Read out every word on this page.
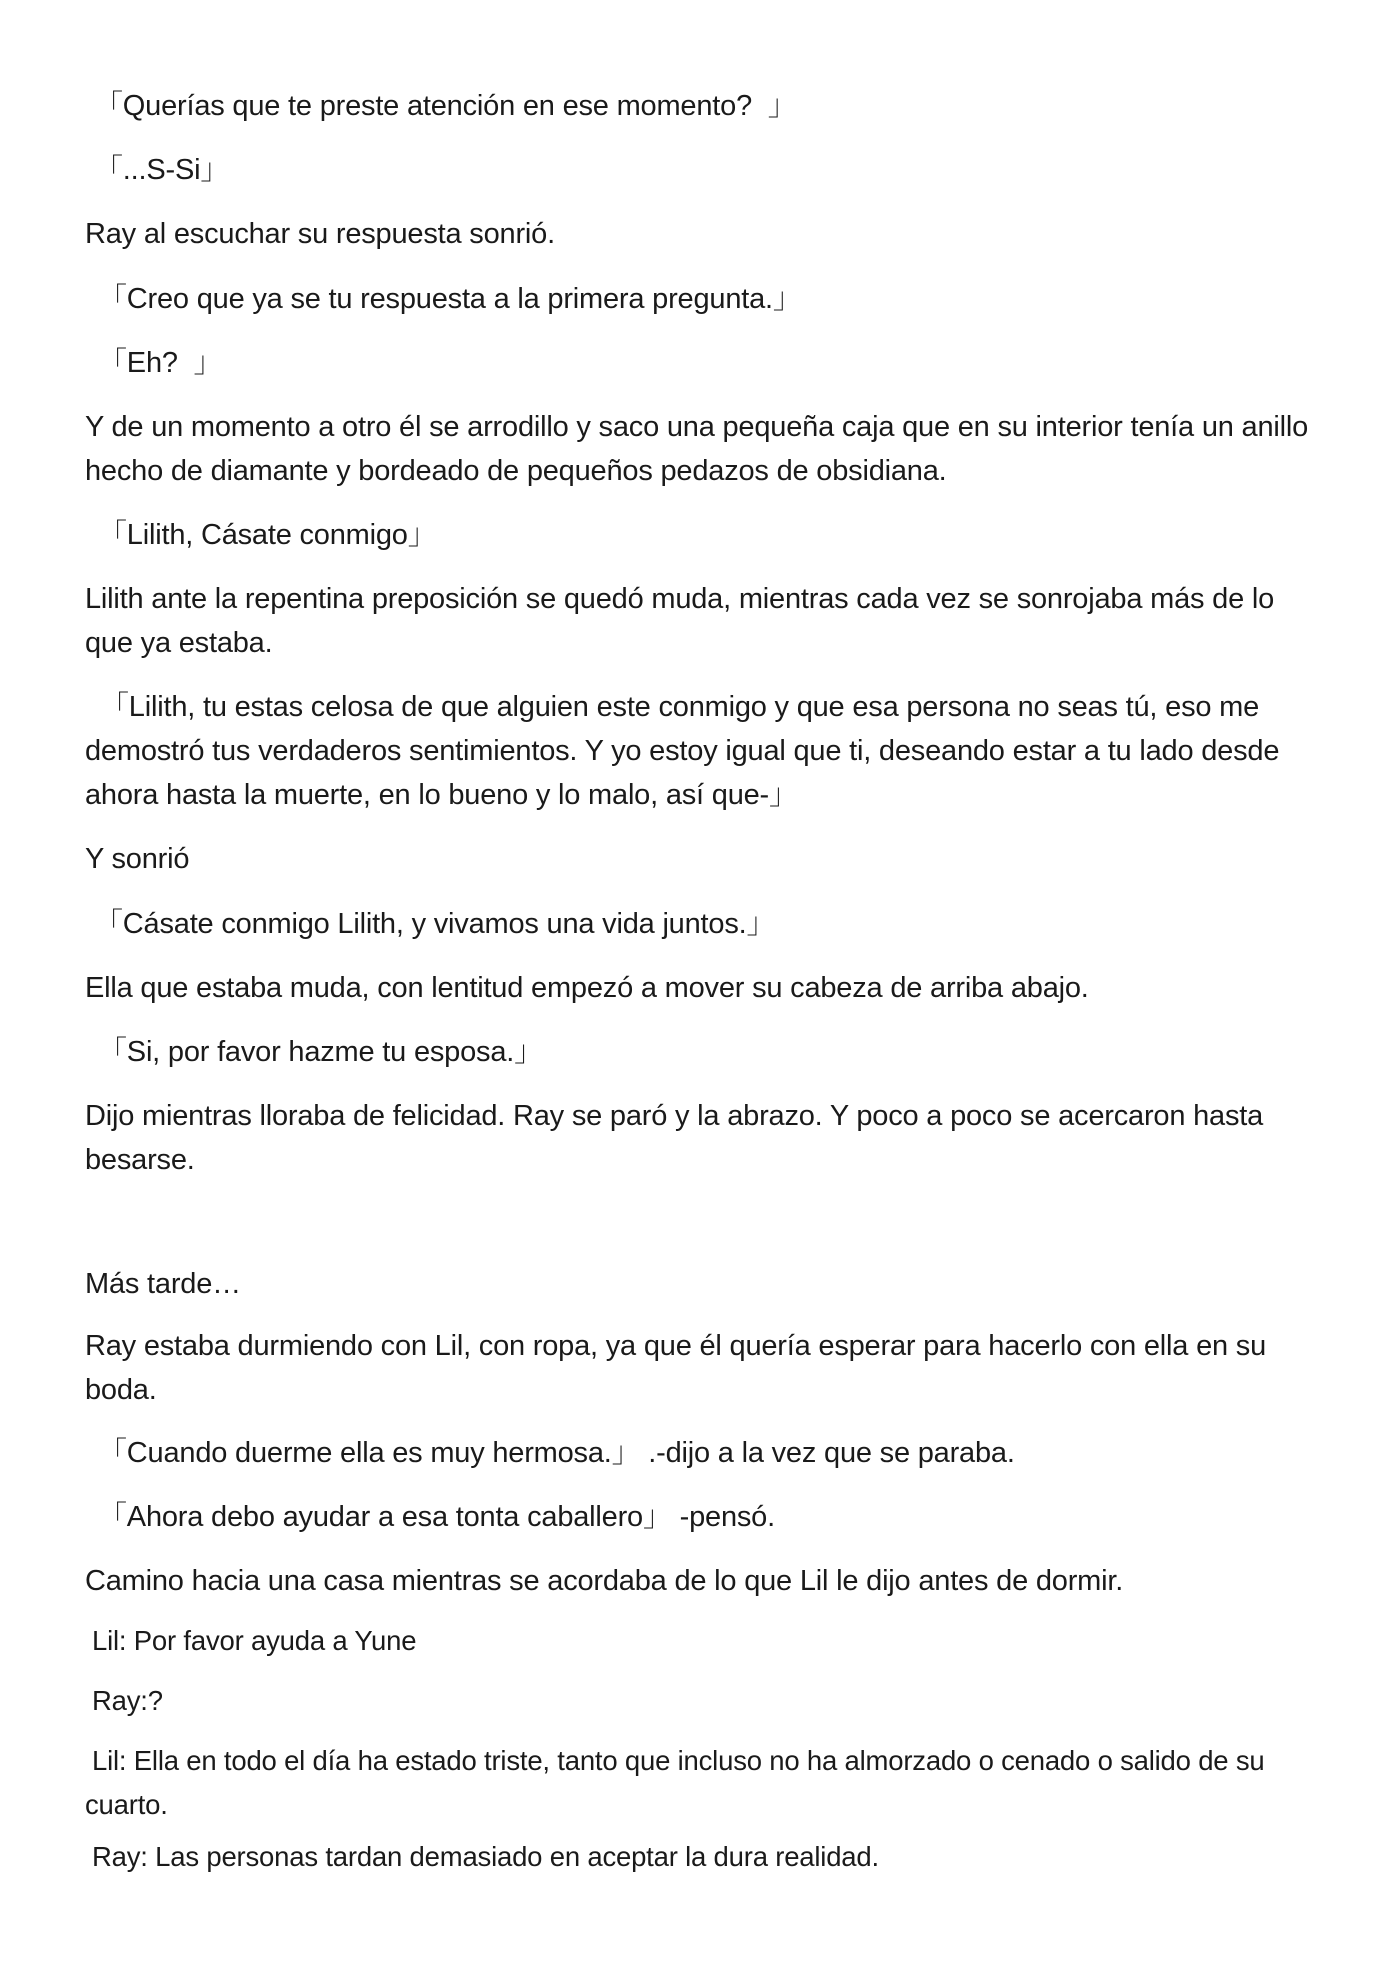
「Querías que te preste atención en ese momento?  」

「...S-Si」

Ray al escuchar su respuesta sonrió.

「Creo que ya se tu respuesta a la primera pregunta.」

「Eh?  」

Y de un momento a otro él se arrodillo y saco una pequeña caja que en su interior tenía un anillo hecho de diamante y bordeado de pequeños pedazos de obsidiana.

「Lilith, Cásate conmigo」

Lilith ante la repentina preposición se quedó muda, mientras cada vez se sonrojaba más de lo que ya estaba.

「Lilith, tu estas celosa de que alguien este conmigo y que esa persona no seas tú, eso me demostró tus verdaderos sentimientos. Y yo estoy igual que ti, deseando estar a tu lado desde ahora hasta la muerte, en lo bueno y lo malo, así que-」

Y sonrió

「Cásate conmigo Lilith, y vivamos una vida juntos.」

Ella que estaba muda, con lentitud empezó a mover su cabeza de arriba abajo.

「Si, por favor hazme tu esposa.」

Dijo mientras lloraba de felicidad. Ray se paró y la abrazo. Y poco a poco se acercaron hasta besarse.

Más tarde…

Ray estaba durmiendo con Lil, con ropa, ya que él quería esperar para hacerlo con ella en su boda.

「Cuando duerme ella es muy hermosa.」 .-dijo a la vez que se paraba.

「Ahora debo ayudar a esa tonta caballero」 -pensó.

Camino hacia una casa mientras se acordaba de lo que Lil le dijo antes de dormir.

Lil: Por favor ayuda a Yune

Ray:?

Lil: Ella en todo el día ha estado triste, tanto que incluso no ha almorzado o cenado o salido de su cuarto.

Ray: Las personas tardan demasiado en aceptar la dura realidad.
